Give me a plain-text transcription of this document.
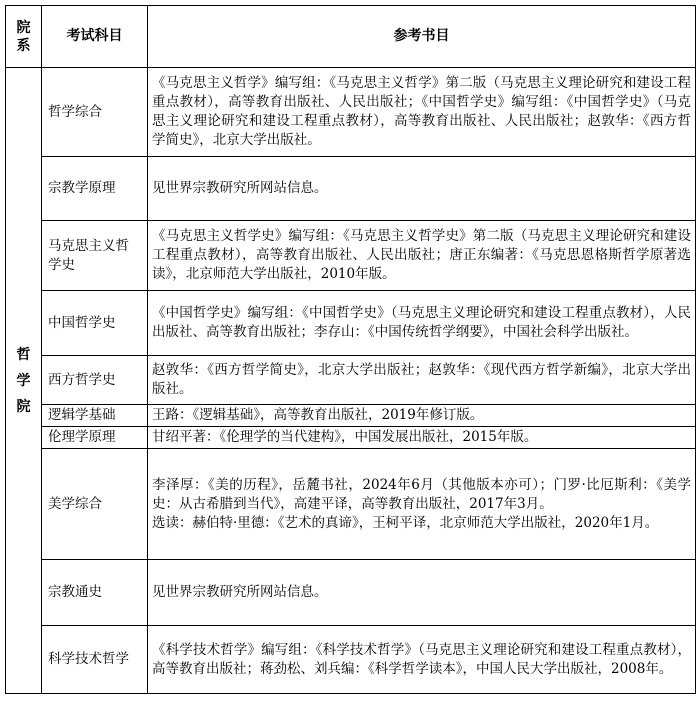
院系	考试科目	参考书目

哲学院	哲学综合	《马克思主义哲学》编写组：《马克思主义哲学》第二版（马克思主义理论研究和建设工程重点教材），高等教育出版社、人民出版社；《中国哲学史》编写组：《中国哲学史》（马克思主义理论研究和建设工程重点教材），高等教育出版社、人民出版社；赵敦华：《西方哲学简史》，北京大学出版社。
	宗教学原理	见世界宗教研究所网站信息。
	马克思主义哲学史	《马克思主义哲学史》编写组：《马克思主义哲学史》第二版（马克思主义理论研究和建设工程重点教材），高等教育出版社、人民出版社；唐正东编著：《马克思恩格斯哲学原著选读》，北京师范大学出版社，2010年版。
	中国哲学史	《中国哲学史》编写组：《中国哲学史》（马克思主义理论研究和建设工程重点教材），人民出版社、高等教育出版社；李存山：《中国传统哲学纲要》，中国社会科学出版社。
	西方哲学史	赵敦华：《西方哲学简史》，北京大学出版社；赵敦华：《现代西方哲学新编》，北京大学出版社。
	逻辑学基础	王路：《逻辑基础》，高等教育出版社，2019年修订版。
	伦理学原理	甘绍平著：《伦理学的当代建构》，中国发展出版社，2015年版。
	美学综合	李泽厚：《美的历程》，岳麓书社，2024年6月（其他版本亦可）；门罗·比厄斯利：《美学史：从古希腊到当代》，高建平译，高等教育出版社，2017年3月。
选读：赫伯特·里德：《艺术的真谛》，王柯平译，北京师范大学出版社，2020年1月。

	宗教通史	见世界宗教研究所网站信息。
	科学技术哲学	《科学技术哲学》编写组：《科学技术哲学》（马克思主义理论研究和建设工程重点教材），高等教育出版社；蒋劲松、刘兵编：《科学哲学读本》，中国人民大学出版社，2008年。
